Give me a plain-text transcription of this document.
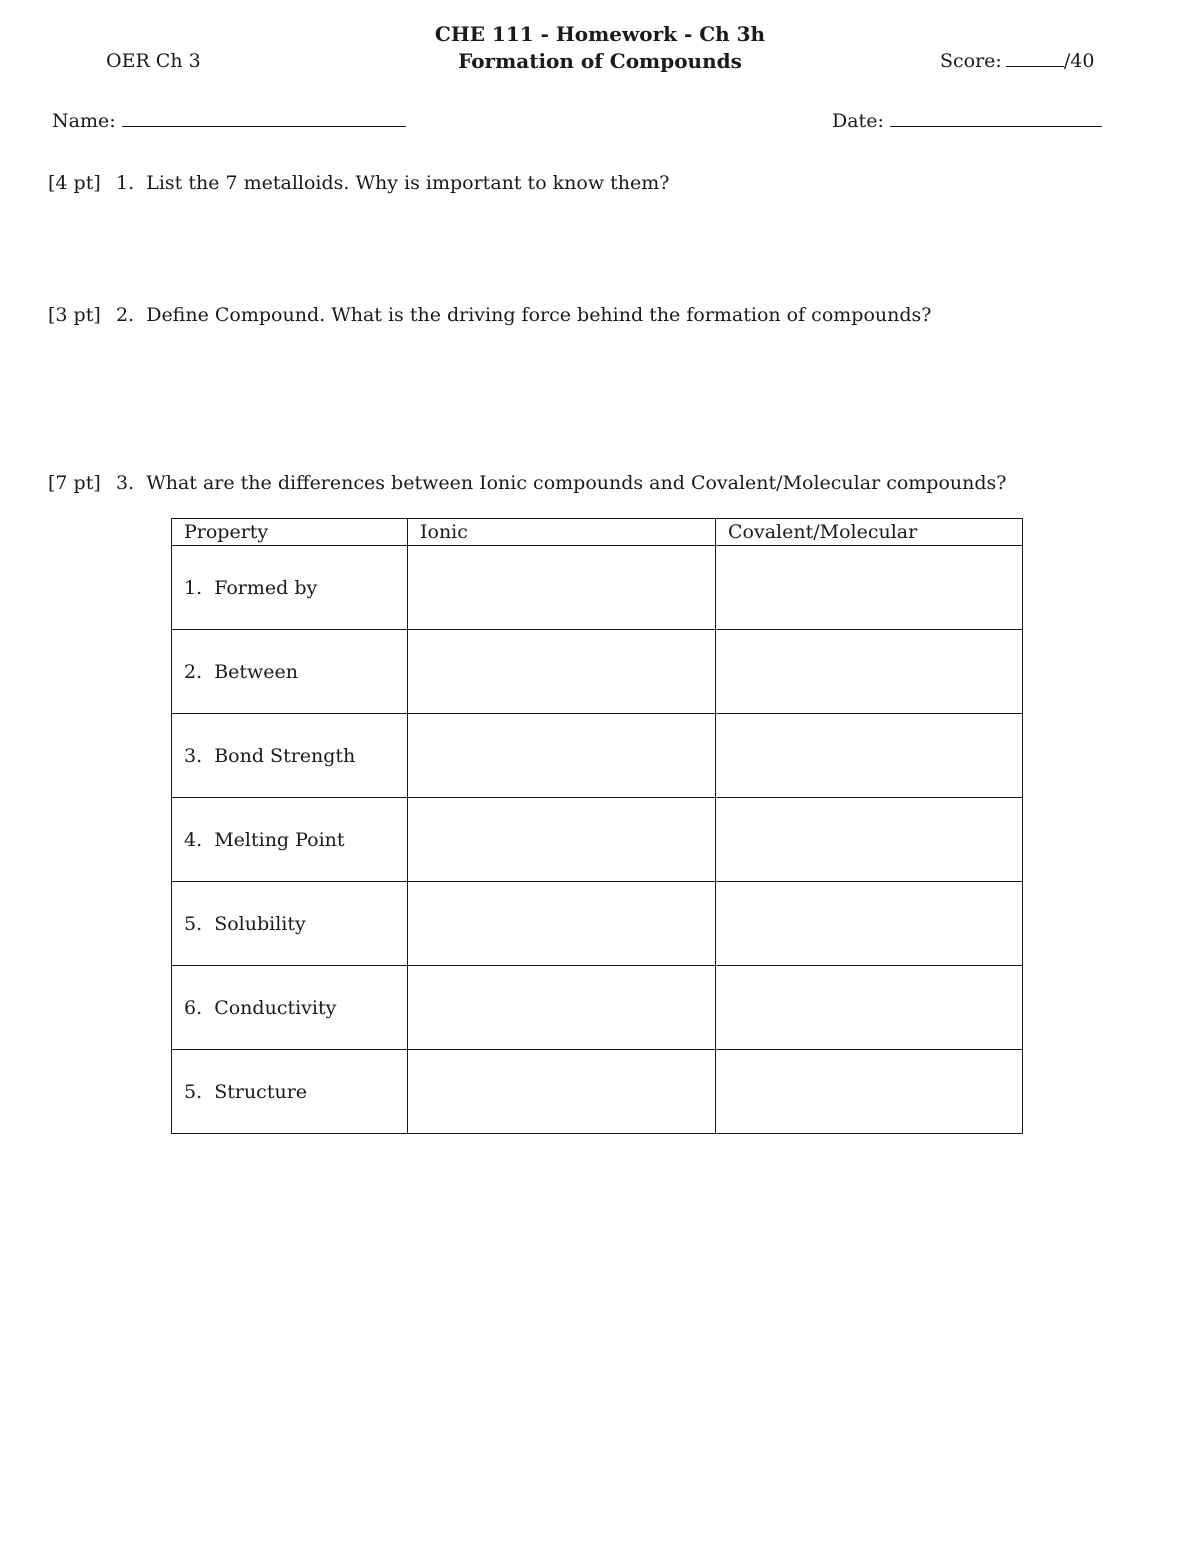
CHE 111 - Homework - Ch 3h
Formation of Compounds
OER Ch 3	Score:	/40
Name:	Date:
[4 pt] 1.  List the 7 metalloids. Why is important to know them?
[3 pt] 2.  Define Compound. What is the driving force behind the formation of compounds?
[7 pt] 3.  What are the differences between Ionic compounds and Covalent/Molecular compounds?
Property	Ionic	Covalent/Molecular
1.  Formed by		
2.  Between		
3.  Bond Strength		
4.  Melting Point		
5.  Solubility		
6.  Conductivity		
5.  Structure		
